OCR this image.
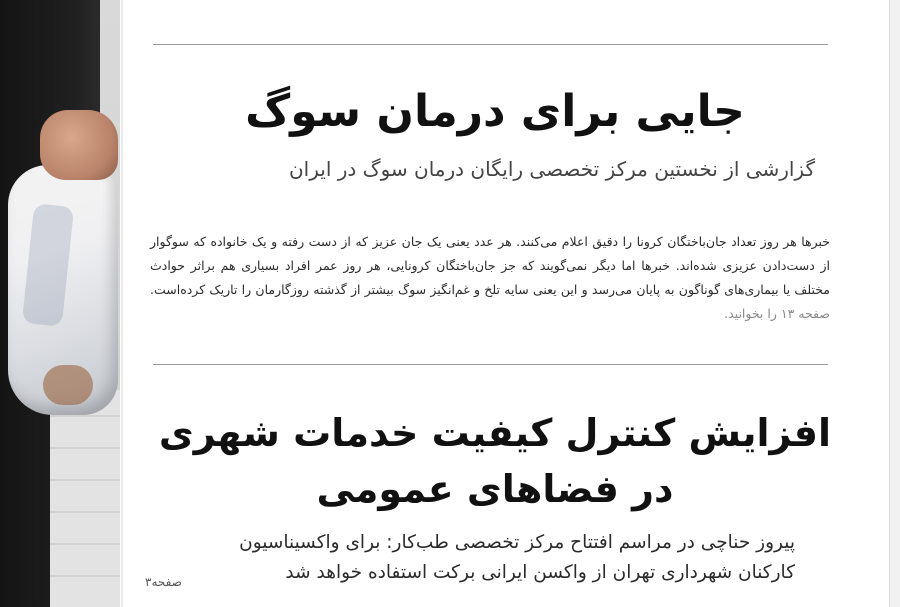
جایی برای درمان سوگ
گزارشی از نخستین مرکز تخصصی رایگان درمان سوگ در ایران
خبرها هر روز تعداد جان‌باختگان کرونا را دقیق اعلام می‌کنند. هر عدد یعنی یک جان عزیز که از دست رفته و یک خانواده که سوگوار از دست‌دادن عزیزی شده‌اند. خبرها اما دیگر نمی‌گویند که جز جان‌باختگان کرونایی، هر روز عمر افراد بسیاری هم براثر حوادث مختلف یا بیماری‌های گوناگون به پایان می‌رسد و این یعنی سایه تلخ و غم‌انگیز سوگ بیشتر از گذشته روزگارمان را تاریک کرده‌است. صفحه ۱۳ را بخوانید.
افزایش کنترل کیفیت خدمات شهری
در فضاهای عمومی
پیروز حناچی در مراسم افتتاح مرکز تخصصی طب‌کار: برای واکسیناسیون
کارکنان شهرداری تهران از واکسن ایرانی برکت استفاده خواهد شد
صفحه۳
